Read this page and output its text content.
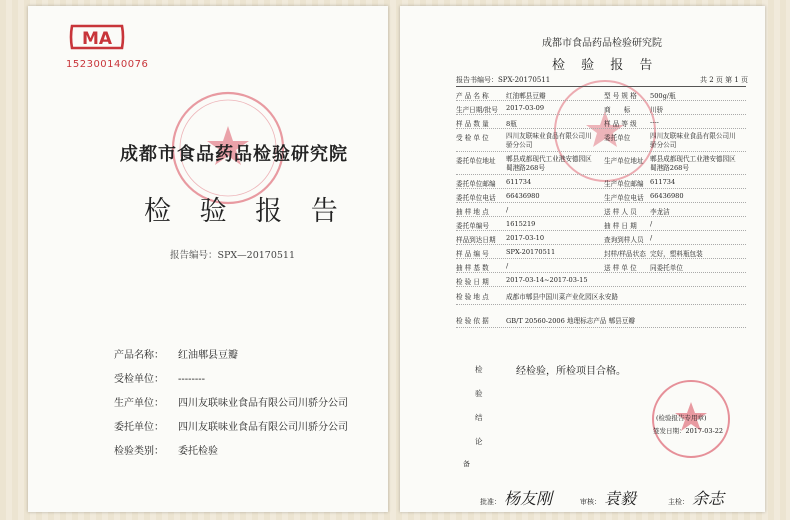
MA
152300140076
成都市食品药品检验研究院
检 验 报 告
报告编号：SPX—20170511
产品名称： 红油郫县豆瓣
受检单位： --------
生产单位： 四川友联味业食品有限公司川骄分公司
委托单位： 四川友联味业食品有限公司川骄分公司
检验类别： 委托检验
成都市食品药品检验研究院
检 验 报 告
报告书编号：SPX-20170511	共 2 页 第 1 页
产 品 名 称	红油郫县豆瓣	型 号 规 格 500g/瓶
生产日期/批号 2017-03-09	商　　标	川骄
样 品 数 量	8瓶	样 品 等 级 ----
受 检 单 位	四川友联味业食品有限公司川骄分公司
委托单位	四川友联味业食品有限公司川骄分公司
委托单位地址 郫县成都现代工业港安德园区蜀港路268号
生产单位地址 郫县成都现代工业港安德园区蜀港路268号
委托单位邮编 611734	生产单位邮编 611734
委托单位电话 66436980	生产单位电话 66436980
抽 样 地 点	/	送 样 人 员 李龙洁
委托单编号	1615219	抽 样 日 期 /
样品到达日期 2017-03-10	查询到样人员 /
样 品 编 号	SPX-20170511	封样/样品状态 完好，塑料瓶包装
抽 样 基 数	/	送 样 单 位 同委托单位
检 验 日 期	2017-03-14~2017-03-15
检 验 地 点	成都市郫县中国川菜产业化园区永安路
检 验 依 据	GB/T 20560-2006 地理标志产品 郫县豆瓣
检 验 结 论
经检验，所检项目合格。
(检验报告专用章)
签发日期：2017-03-22
备
批准： 杨友刚	审核： 袁毅	主检： 余志
